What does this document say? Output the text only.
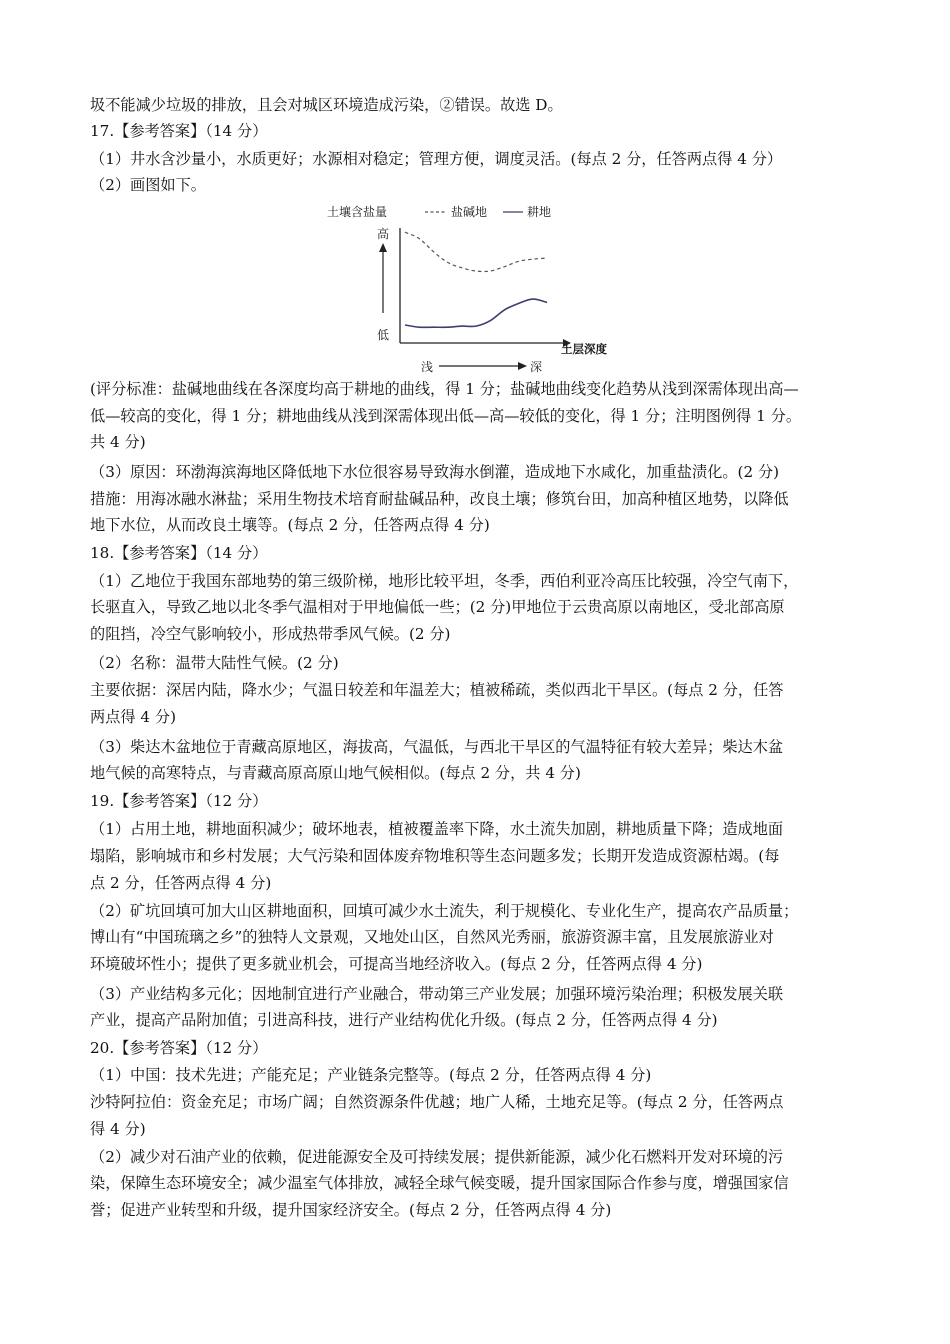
圾不能减少垃圾的排放，且会对城区环境造成污染，②错误。故选 D。
17.【参考答案】（14 分）
（1）井水含沙量小，水质更好；水源相对稳定；管理方便，调度灵活。(每点 2 分，任答两点得 4 分）
（2）画图如下。
(评分标准：盐碱地曲线在各深度均高于耕地的曲线，得 1 分；盐碱地曲线变化趋势从浅到深需体现出高—
低—较高的变化，得 1 分；耕地曲线从浅到深需体现出低—高—较低的变化，得 1 分；注明图例得 1 分。
共 4 分)
（3）原因：环渤海滨海地区降低地下水位很容易导致海水倒灌，造成地下水咸化，加重盐渍化。(2 分)
措施：用海冰融水淋盐；采用生物技术培育耐盐碱品种，改良土壤；修筑台田，加高种植区地势，以降低
地下水位，从而改良土壤等。(每点 2 分，任答两点得 4 分)
18.【参考答案】（14 分）
（1）乙地位于我国东部地势的第三级阶梯，地形比较平坦，冬季，西伯利亚冷高压比较强，冷空气南下，
长驱直入，导致乙地以北冬季气温相对于甲地偏低一些；(2 分)甲地位于云贵高原以南地区，受北部高原
的阻挡，冷空气影响较小，形成热带季风气候。(2 分)
（2）名称：温带大陆性气候。(2 分)
主要依据：深居内陆，降水少；气温日较差和年温差大；植被稀疏，类似西北干旱区。(每点 2 分，任答
两点得 4 分)
（3）柴达木盆地位于青藏高原地区，海拔高，气温低，与西北干旱区的气温特征有较大差异；柴达木盆
地气候的高寒特点，与青藏高原高原山地气候相似。(每点 2 分，共 4 分)
19.【参考答案】（12 分）
（1）占用土地，耕地面积减少；破坏地表，植被覆盖率下降，水土流失加剧，耕地质量下降；造成地面
塌陷，影响城市和乡村发展；大气污染和固体废弃物堆积等生态问题多发；长期开发造成资源枯竭。(每
点 2 分，任答两点得 4 分)
（2）矿坑回填可加大山区耕地面积，回填可减少水土流失，利于规模化、专业化生产，提高农产品质量；
博山有“中国琉璃之乡”的独特人文景观，又地处山区，自然风光秀丽，旅游资源丰富，且发展旅游业对
环境破坏性小；提供了更多就业机会，可提高当地经济收入。(每点 2 分，任答两点得 4 分)
（3）产业结构多元化；因地制宜进行产业融合，带动第三产业发展；加强环境污染治理；积极发展关联
产业，提高产品附加值；引进高科技，进行产业结构优化升级。(每点 2 分，任答两点得 4 分)
20.【参考答案】（12 分）
（1）中国：技术先进；产能充足；产业链条完整等。(每点 2 分，任答两点得 4 分)
沙特阿拉伯：资金充足；市场广阔；自然资源条件优越；地广人稀，土地充足等。(每点 2 分，任答两点
得 4 分)
（2）减少对石油产业的依赖，促进能源安全及可持续发展；提供新能源，减少化石燃料开发对环境的污
染，保障生态环境安全；减少温室气体排放，减轻全球气候变暖，提升国家国际合作参与度，增强国家信
誉；促进产业转型和升级，提升国家经济安全。(每点 2 分，任答两点得 4 分)
土壤含盐量	盐碱地	耕地
土层深度
高
低
浅	深
